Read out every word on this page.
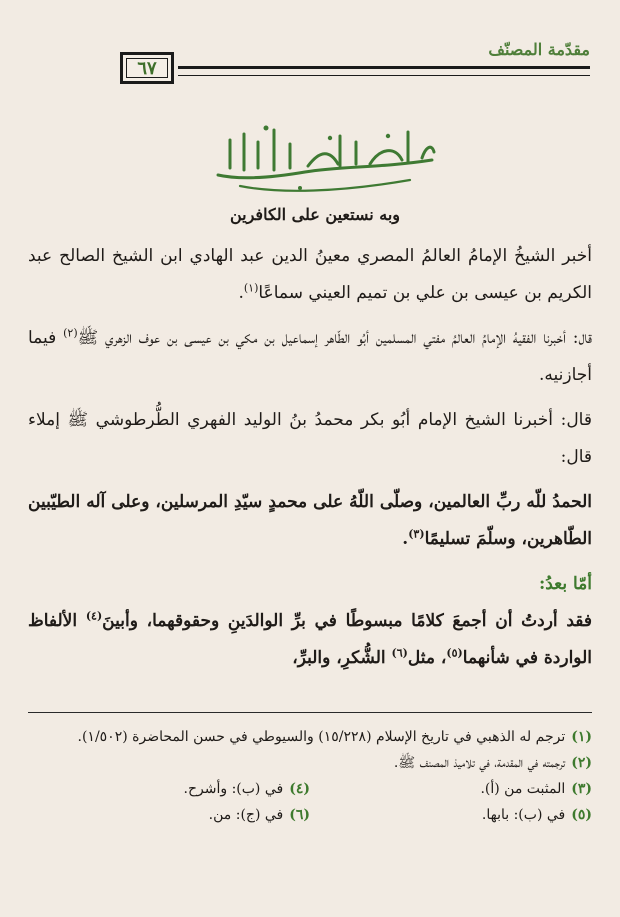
مقدّمة المصنّف
٦٧
وبه نستعين على الكافرين

أخبر الشيخُ الإمامُ العالمُ المصري معينُ الدين عبد الهادي ابن الشيخ الصالح عبد الكريم بن عيسى بن علي بن تميم العيني سماعًا$^{(١)}$.

قال: أخبرنا الفقيهُ الإمامُ العالمُ مفتي المسلمين أبُو الطّاهر إسماعيل بن مكي بن عيسى بن عوف الزهري ﷺ$^{(٢)}$ فيما أجازنيه.

قال: أخبرنا الشيخ الإمام أبُو بكر محمدُ بنُ الوليد الفهري الطُّرطوشي ﷺ إملاء قال:

الحمدُ للّه ربِّ العالمين، وصلّى اللّهُ على محمدٍ سيّدِ المرسلين، وعلى آله الطيّبين الطّاهرين، وسلّمَ تسليمًا$^{(٣)}$.

أمّا بعدُ:

فقد أردتُ أن أجمعَ كلامًا مبسوطًا في برِّ الوالدَينِ وحقوقهما، وأبينَ$^{(٤)}$ الألفاظ الواردة في شأنهما$^{(٥)}$، مثل$^{(٦)}$ الشُّكرِ، والبرِّ،

(١)ترجم له الذهبي في تاريخ الإسلام (١٥/٢٢٨) والسيوطي في حسن المحاضرة (١/٥٠٢).
(٢)ترجمته في المقدمة، في تلاميذ المصنف ﷺ.
(٣)المثبت من (أ).
(٤)في (ب): وأشرح.
(٥)في (ب): بابها.
(٦)في (ج): من.
